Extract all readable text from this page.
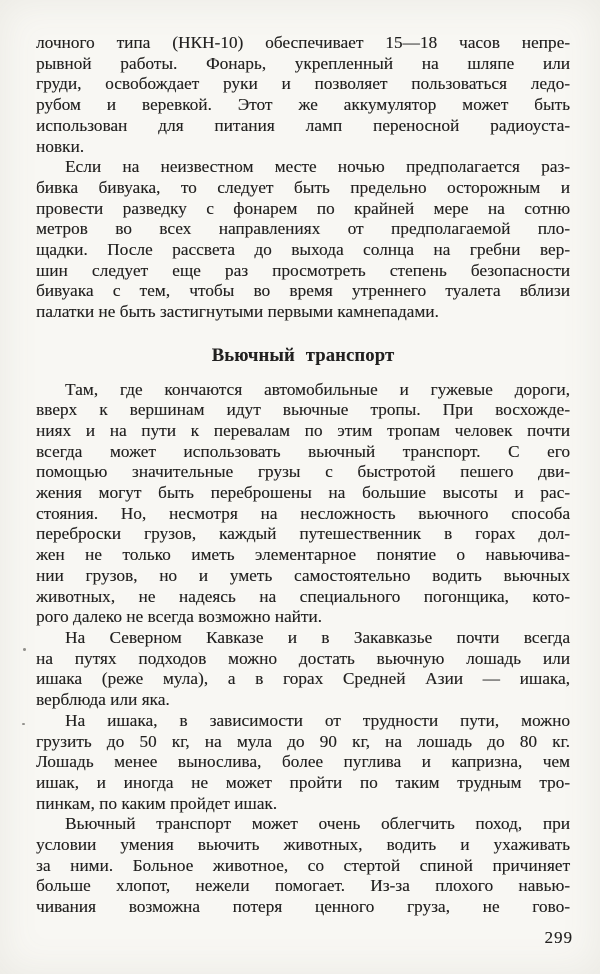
лочного типа (НКН-10) обеспечивает 15—18 часов непре-
рывной работы. Фонарь, укрепленный на шляпе или
груди, освобождает руки и позволяет пользоваться ледо-
рубом и веревкой. Этот же аккумулятор может быть
использован для питания ламп переносной радиоуста-
новки.

Если на неизвестном месте ночью предполагается раз-
бивка бивуака, то следует быть предельно осторожным и
провести разведку с фонарем по крайней мере на сотню
метров во всех направлениях от предполагаемой пло-
щадки. После рассвета до выхода солнца на гребни вер-
шин следует еще раз просмотреть степень безопасности
бивуака с тем, чтобы во время утреннего туалета вблизи
палатки не быть застигнутыми первыми камнепадами.

Вьючный транспорт

Там, где кончаются автомобильные и гужевые дороги,
вверх к вершинам идут вьючные тропы. При восхожде-
ниях и на пути к перевалам по этим тропам человек почти
всегда может использовать вьючный транспорт. С его
помощью значительные грузы с быстротой пешего дви-
жения могут быть переброшены на большие высоты и рас-
стояния. Но, несмотря на несложность вьючного способа
переброски грузов, каждый путешественник в горах дол-
жен не только иметь элементарное понятие о навьючива-
нии грузов, но и уметь самостоятельно водить вьючных
животных, не надеясь на специального погонщика, кото-
рого далеко не всегда возможно найти.

На Северном Кавказе и в Закавказье почти всегда
на путях подходов можно достать вьючную лошадь или
ишака (реже мула), а в горах Средней Азии — ишака,
верблюда или яка.

На ишака, в зависимости от трудности пути, можно
грузить до 50 кг, на мула до 90 кг, на лошадь до 80 кг.
Лошадь менее вынослива, более пуглива и капризна, чем
ишак, и иногда не может пройти по таким трудным тро-
пинкам, по каким пройдет ишак.

Вьючный транспорт может очень облегчить поход, при
условии умения вьючить животных, водить и ухаживать
за ними. Больное животное, со стертой спиной причиняет
больше хлопот, нежели помогает. Из-за плохого навью-
чивания возможна потеря ценного груза, не гово-

299
